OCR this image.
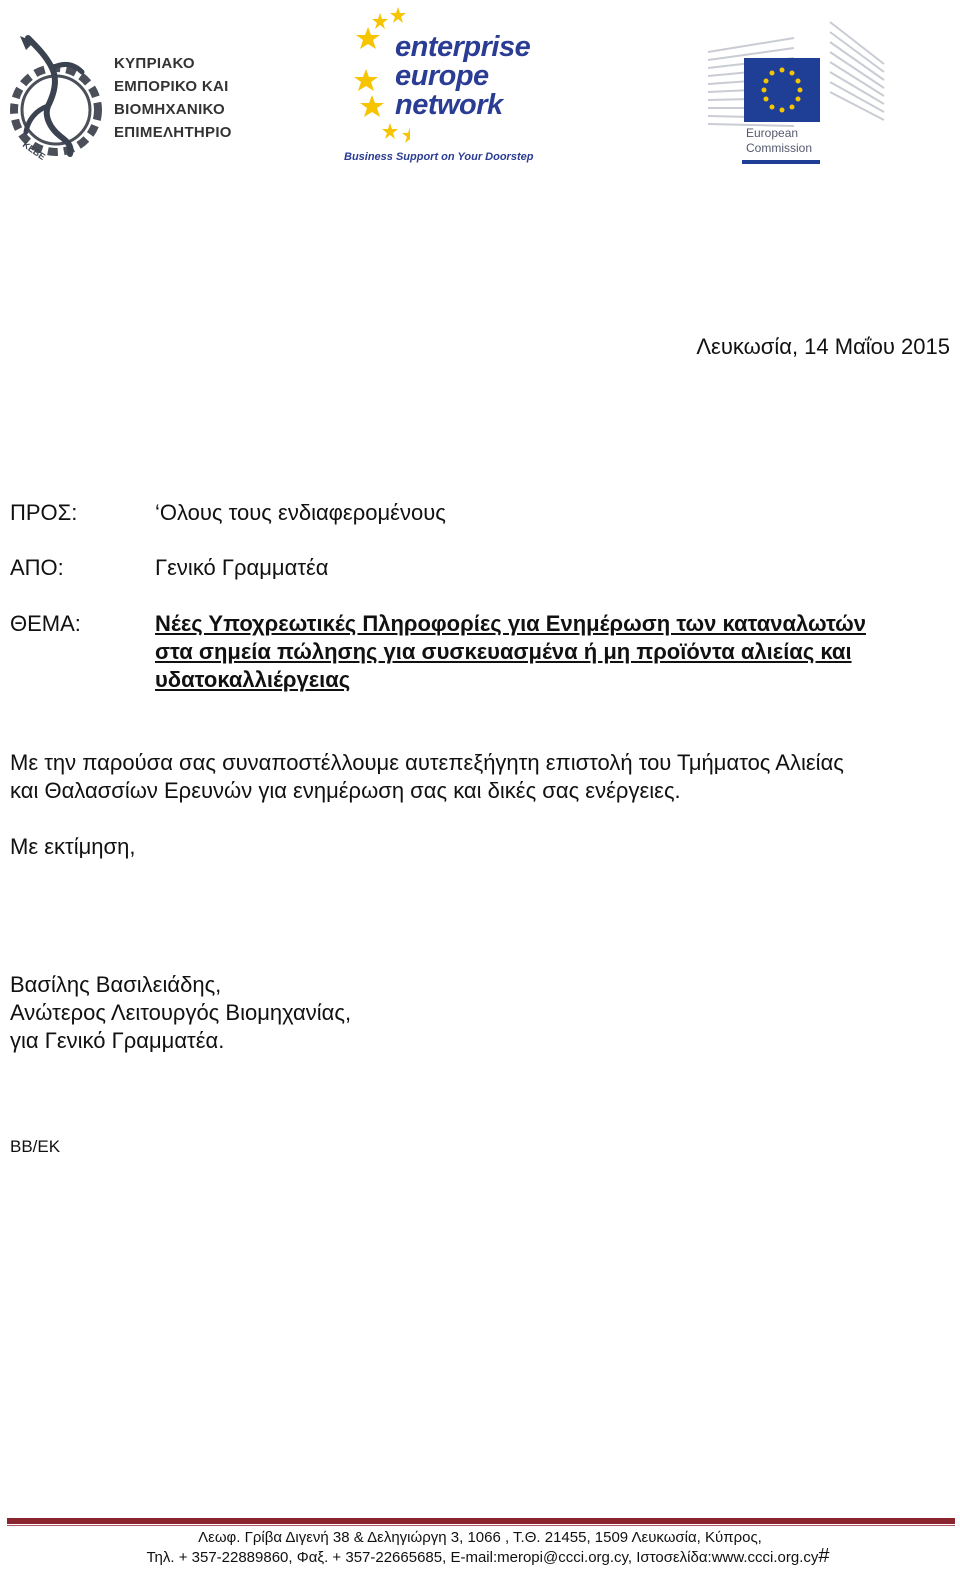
ΚΕΒΕ
ΚΥΠΡΙΑΚΟ
ΕΜΠΟΡΙΚΟ ΚΑΙ
ΒΙΟΜΗΧΑΝΙΚΟ
ΕΠΙΜΕΛΗΤΗΡΙΟ
enterprise
europe
network
Business Support on Your Doorstep
European
Commission
Λευκωσία, 14 Μαΐου 2015
ΠΡΟΣ:	‘Ολους τους ενδιαφερομένους
ΑΠΟ:	Γενικό Γραμματέα
ΘΕΜΑ:	Νέες Υποχρεωτικές Πληροφορίες για Ενημέρωση των καταναλωτών
στα σημεία πώλησης για συσκευασμένα ή μη προϊόντα αλιείας και
υδατοκαλλιέργειας
Με την παρούσα σας συναποστέλλουμε αυτεπεξήγητη επιστολή του Τμήματος Αλιείας
και Θαλασσίων Ερευνών για ενημέρωση σας και δικές σας ενέργειες.
Με εκτίμηση,
Βασίλης Βασιλειάδης,
Ανώτερος Λειτουργός Βιομηχανίας,
για Γενικό Γραμματέα.
ΒΒ/ΕΚ
Λεωφ. Γρίβα Διγενή 38 & Δεληγιώργη 3, 1066 , Τ.Θ. 21455, 1509 Λευκωσία, Κύπρος,
Τηλ. + 357-22889860, Φαξ. + 357-22665685, E-mail:meropi@ccci.org.cy, Ιστοσελίδα:www.ccci.org.cy#
